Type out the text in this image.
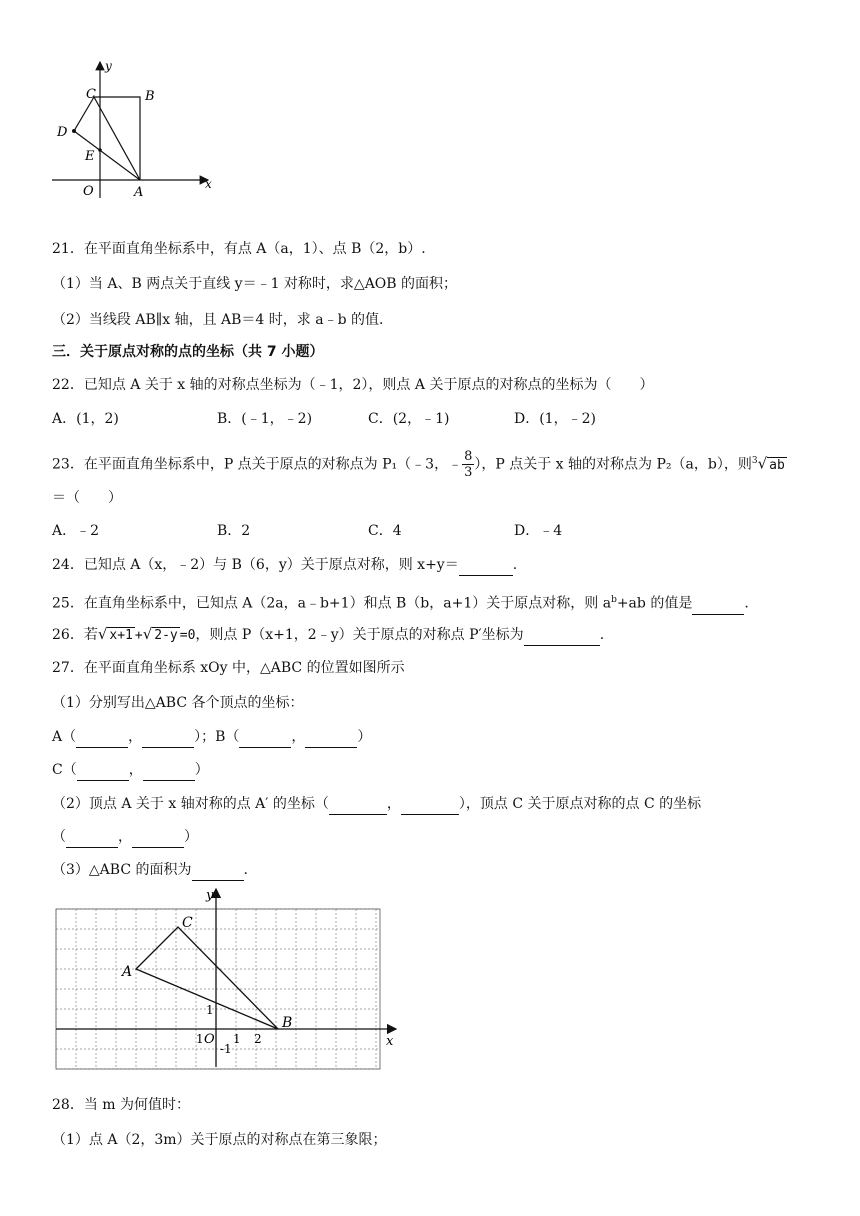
y
x
C	B
D
E
O	A
21．在平面直角坐标系中，有点 A（a，1）、点 B（2，b）.
（1）当 A、B 两点关于直线 y＝﹣1 对称时，求△AOB 的面积；
（2）当线段 AB∥x 轴，且 AB＝4 时，求 a﹣b 的值.
三．关于原点对称的点的坐标（共 7 小题）
22．已知点 A 关于 x 轴的对称点坐标为（﹣1，2），则点 A 关于原点的对称点的坐标为（　　）
A．(1，2)	B．(﹣1，﹣2)	C．(2，﹣1)	D．(1，﹣2)
23．在平面直角坐标系中，P 点关于原点的对称点为 P₁（﹣3，﹣ $\frac{8}{3}$ ），P 点关于 x 轴的对称点为 P₂（a，b），则$^3$√ ab
＝（　　）
A．﹣2	B．2	C．4	D．﹣4
24．已知点 A（x，﹣2）与 B（6，y）关于原点对称，则 x+y＝	.
25．在直角坐标系中，已知点 A（2a，a﹣b+1）和点 B（b，a+1）关于原点对称，则 $a^b+ab$ 的值是	.
26．若√ x+1 +√ 2-y =0，则点 P（x+1，2﹣y）关于原点的对称点 P′坐标为	.
27．在平面直角坐标系 xOy 中，△ABC 的位置如图所示
（1）分别写出△ABC 各个顶点的坐标：
A（	，	）；B（	，	）
C（	，	）
（2）顶点 A 关于 x 轴对称的点 A′ 的坐标（	，	），顶点 C 关于原点对称的点 C 的坐标
（	，	）
（3）△ABC 的面积为	.
y
x
C
A
B
1
1 O 1 2
-1
28．当 m 为何值时：
（1）点 A（2，3m）关于原点的对称点在第三象限；
